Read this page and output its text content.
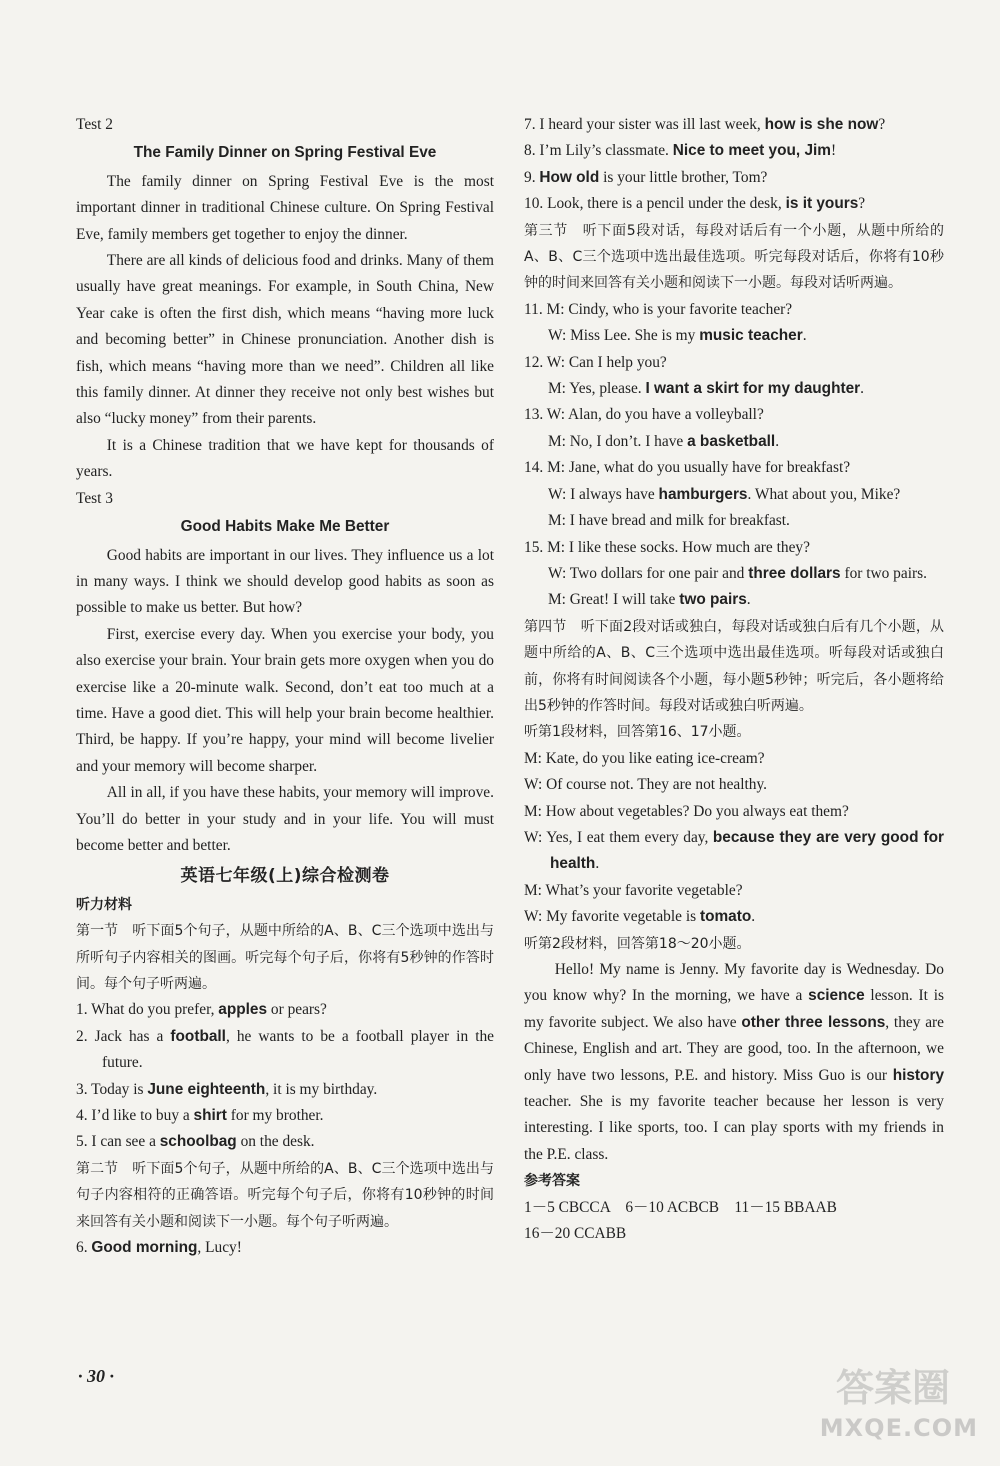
Test 2

The Family Dinner on Spring Festival Eve

The family dinner on Spring Festival Eve is the most important dinner in traditional Chinese culture. On Spring Festival Eve, family members get together to enjoy the dinner.

There are all kinds of delicious food and drinks. Many of them usually have great meanings. For example, in South China, New Year cake is often the first dish, which means “having more luck and becoming better” in Chinese pronunciation. Another dish is fish, which means “having more than we need”. Children all like this family dinner. At dinner they receive not only best wishes but also “lucky money” from their parents.

It is a Chinese tradition that we have kept for thousands of years.

Test 3

Good Habits Make Me Better

Good habits are important in our lives. They influence us a lot in many ways. I think we should develop good habits as soon as possible to make us better. But how?

First, exercise every day. When you exercise your body, you also exercise your brain. Your brain gets more oxygen when you do exercise like a 20-minute walk. Second, don’t eat too much at a time. Have a good diet. This will help your brain become healthier. Third, be happy. If you’re happy, your mind will become livelier and your memory will become sharper.

All in all, if you have these habits, your memory will improve. You’ll do better in your study and in your life. You will must become better and better.

英语七年级(上)综合检测卷

听力材料

第一节　听下面5个句子，从题中所给的A、B、C三个选项中选出与所听句子内容相关的图画。听完每个句子后，你将有5秒钟的作答时间。每个句子听两遍。

1. What do you prefer, apples or pears?

2. Jack has a football, he wants to be a football player in the future.

3. Today is June eighteenth, it is my birthday.

4. I’d like to buy a shirt for my brother.

5. I can see a schoolbag on the desk.

第二节　听下面5个句子，从题中所给的A、B、C三个选项中选出与句子内容相符的正确答语。听完每个句子后，你将有10秒钟的时间来回答有关小题和阅读下一小题。每个句子听两遍。

6. Good morning, Lucy!

7. I heard your sister was ill last week, how is she now?

8. I’m Lily’s classmate. Nice to meet you, Jim!

9. How old is your little brother, Tom?

10. Look, there is a pencil under the desk, is it yours?

第三节　听下面5段对话，每段对话后有一个小题，从题中所给的A、B、C三个选项中选出最佳选项。听完每段对话后，你将有10秒钟的时间来回答有关小题和阅读下一小题。每段对话听两遍。

11. M: Cindy, who is your favorite teacher?

W: Miss Lee. She is my music teacher.

12. W: Can I help you?

M: Yes, please. I want a skirt for my daughter.

13. W: Alan, do you have a volleyball?

M: No, I don’t. I have a basketball.

14. M: Jane, what do you usually have for breakfast?

W: I always have hamburgers. What about you, Mike?

M: I have bread and milk for breakfast.

15. M: I like these socks. How much are they?

W: Two dollars for one pair and three dollars for two pairs.

M: Great! I will take two pairs.

第四节　听下面2段对话或独白，每段对话或独白后有几个小题，从题中所给的A、B、C三个选项中选出最佳选项。听每段对话或独白前，你将有时间阅读各个小题，每小题5秒钟；听完后，各小题将给出5秒钟的作答时间。每段对话或独白听两遍。

听第1段材料，回答第16、17小题。

M: Kate, do you like eating ice-cream?

W: Of course not. They are not healthy.

M: How about vegetables? Do you always eat them?

W: Yes, I eat them every day, because they are very good for health.

M: What’s your favorite vegetable?

W: My favorite vegetable is tomato.

听第2段材料，回答第18～20小题。

Hello! My name is Jenny. My favorite day is Wednesday. Do you know why? In the morning, we have a science lesson. It is my favorite subject. We also have other three lessons, they are Chinese, English and art. They are good, too. In the afternoon, we only have two lessons, P.E. and history. Miss Guo is our history teacher. She is my favorite teacher because her lesson is very interesting. I like sports, too. I can play sports with my friends in the P.E. class.

参考答案

1－5 CBCCA　6－10 ACBCB　11－15 BBAAB

16－20 CCABB

· 30 ·	答案圈
MXQE.COM
